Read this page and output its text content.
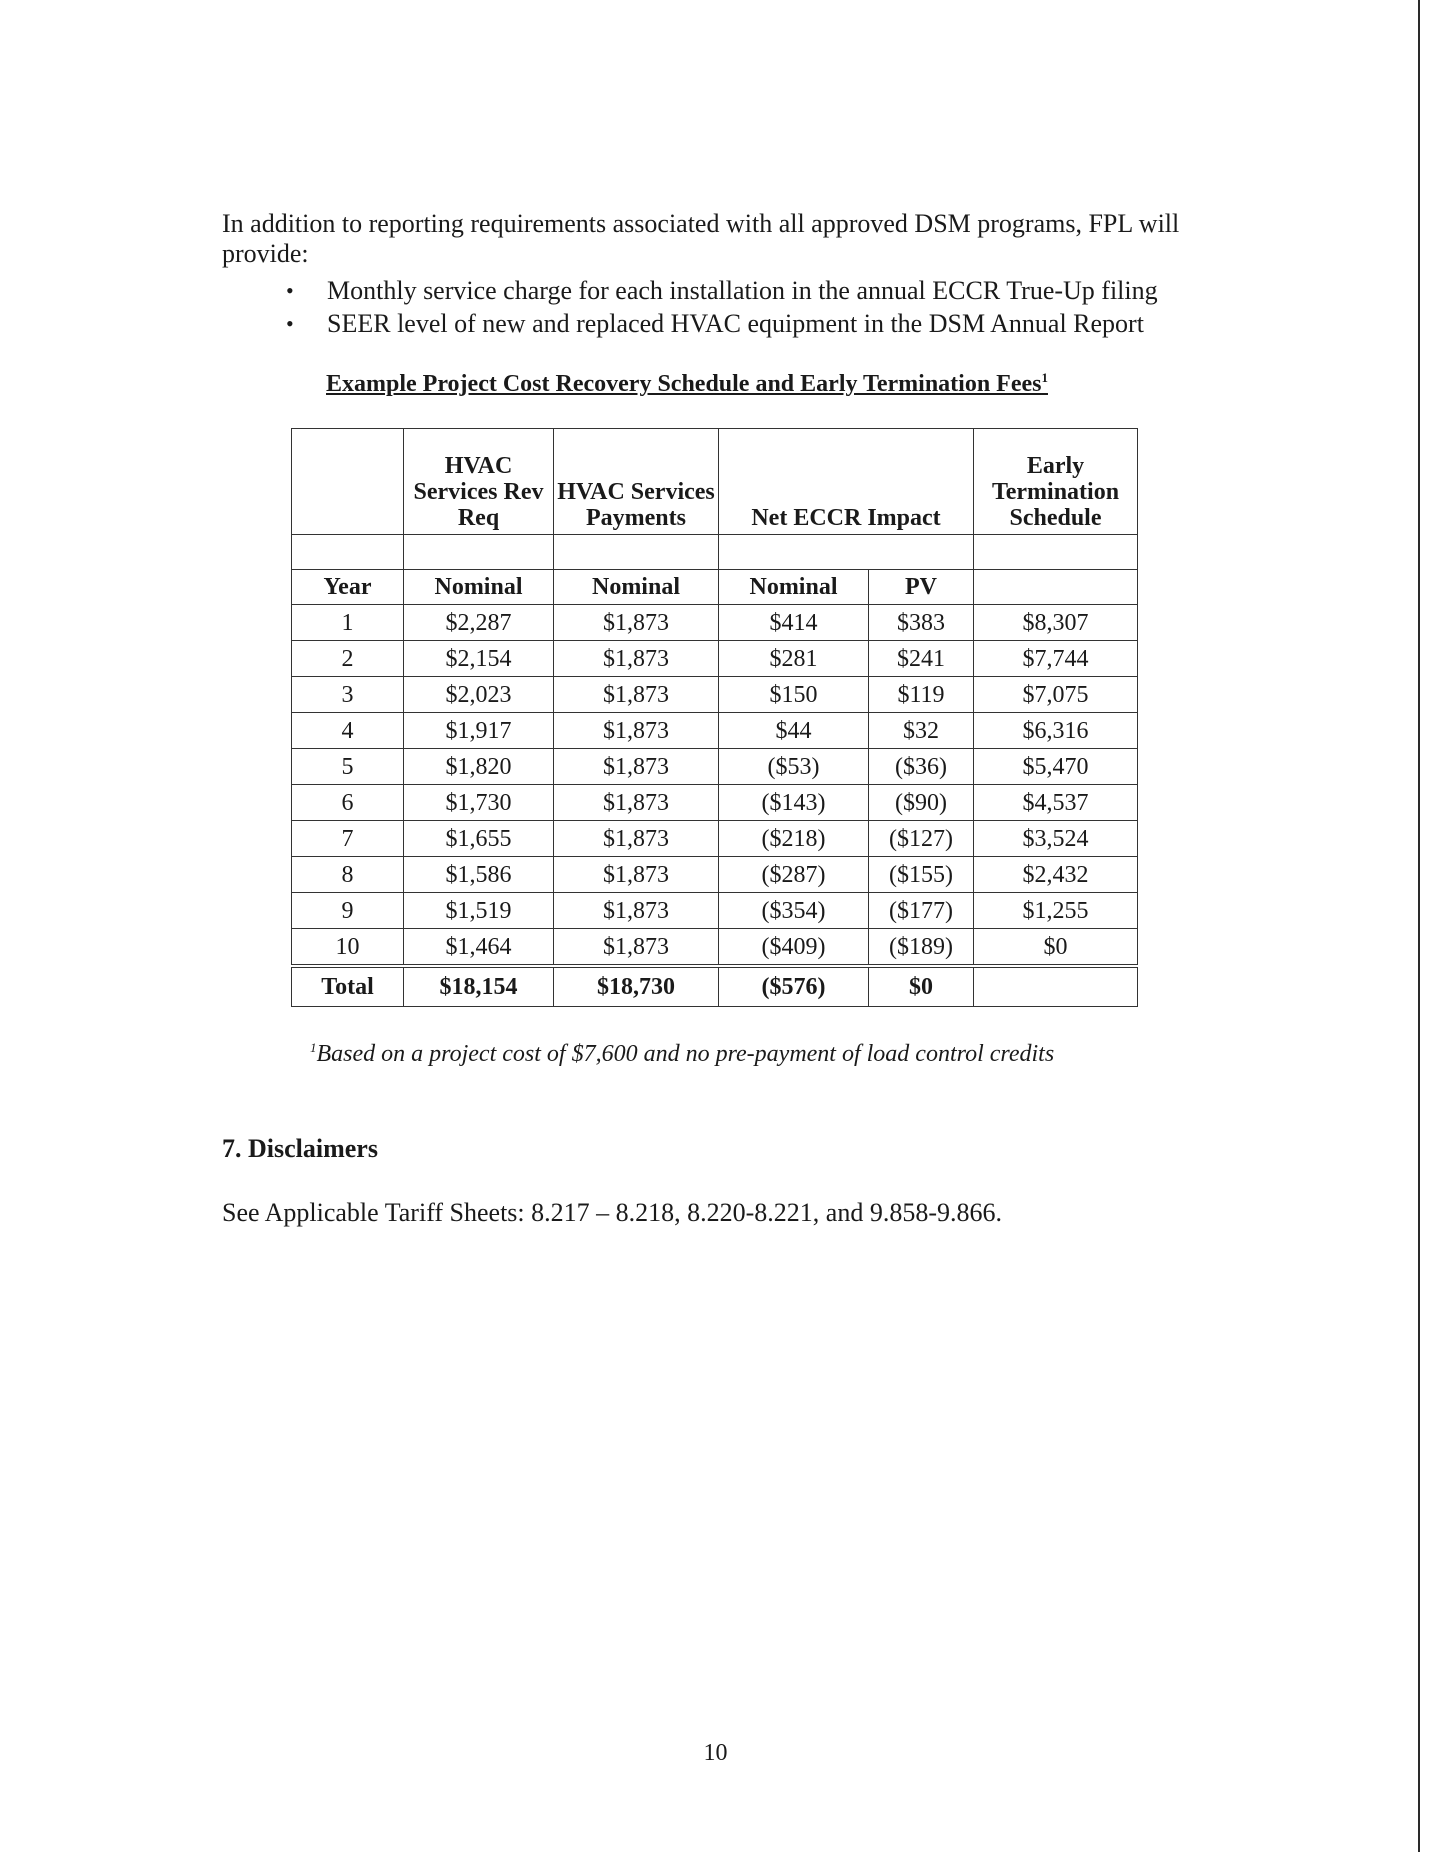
In addition to reporting requirements associated with all approved DSM programs, FPL will provide:

• Monthly service charge for each installation in the annual ECCR True-Up filing
• SEER level of new and replaced HVAC equipment in the DSM Annual Report

Example Project Cost Recovery Schedule and Early Termination Fees$^1$

	HVAC Services Rev Req	HVAC Services Payments	Net ECCR Impact		Early Termination Schedule

Year	Nominal	Nominal	Nominal	PV	
1	$2,287	$1,873	$414	$383	$8,307
2	$2,154	$1,873	$281	$241	$7,744
3	$2,023	$1,873	$150	$119	$7,075
4	$1,917	$1,873	$44	$32	$6,316
5	$1,820	$1,873	($53)	($36)	$5,470
6	$1,730	$1,873	($143)	($90)	$4,537
7	$1,655	$1,873	($218)	($127)	$3,524
8	$1,586	$1,873	($287)	($155)	$2,432
9	$1,519	$1,873	($354)	($177)	$1,255
10	$1,464	$1,873	($409)	($189)	$0
Total	$18,154	$18,730	($576)	$0	

$^1$Based on a project cost of $7,600 and no pre-payment of load control credits

7. Disclaimers

See Applicable Tariff Sheets: 8.217 – 8.218, 8.220-8.221, and 9.858-9.866.

10
